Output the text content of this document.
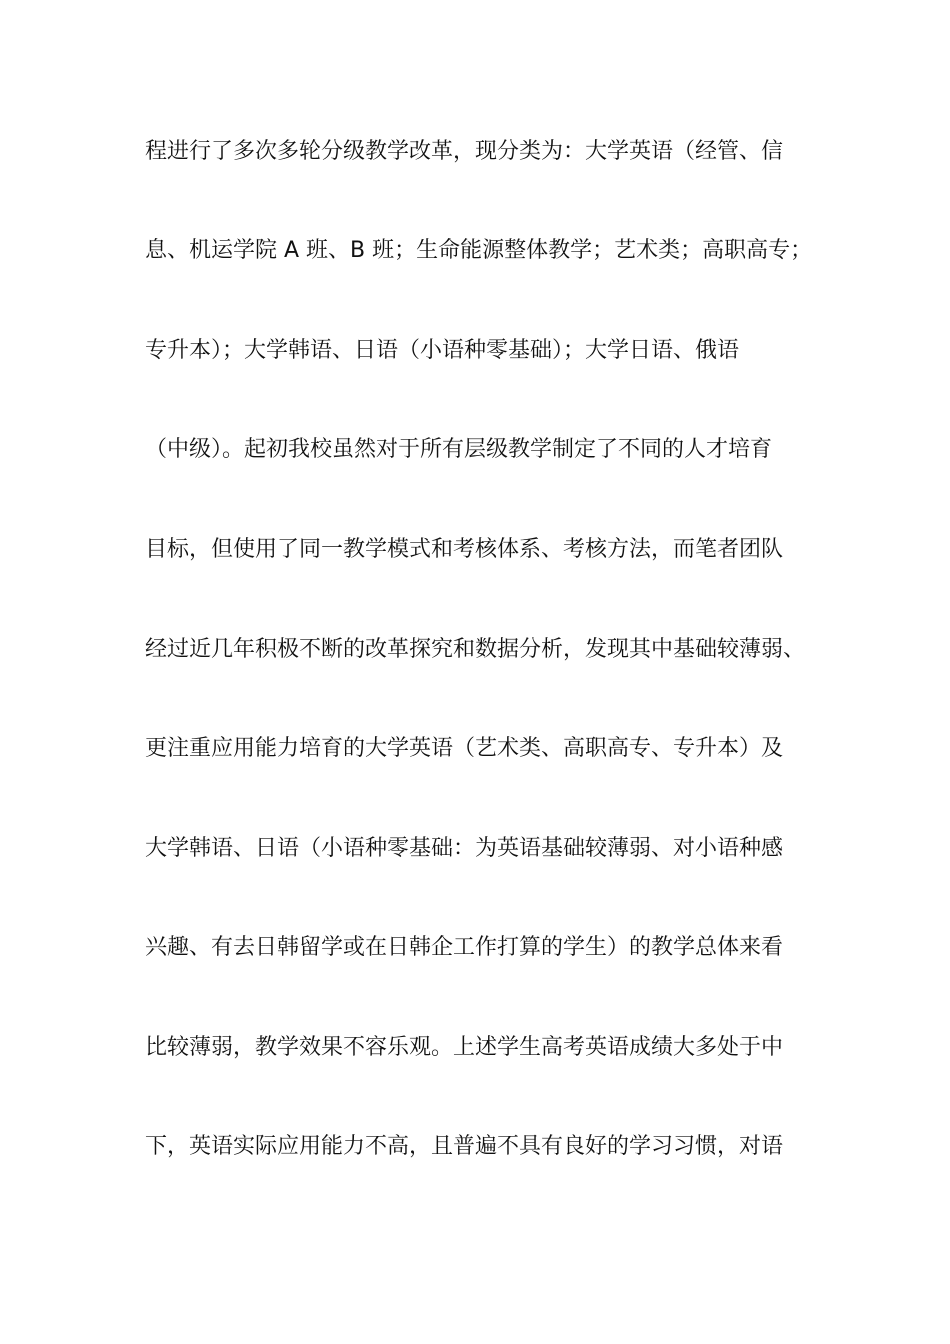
程进行了多次多轮分级教学改革，现分类为：大学英语（经管、信
息、机运学院 A 班、B 班；生命能源整体教学；艺术类；高职高专；
专升本）；大学韩语、日语（小语种零基础）；大学日语、俄语
（中级）。起初我校虽然对于所有层级教学制定了不同的人才培育
目标，但使用了同一教学模式和考核体系、考核方法，而笔者团队
经过近几年积极不断的改革探究和数据分析，发现其中基础较薄弱、
更注重应用能力培育的大学英语（艺术类、高职高专、专升本）及
大学韩语、日语（小语种零基础：为英语基础较薄弱、对小语种感
兴趣、有去日韩留学或在日韩企工作打算的学生）的教学总体来看
比较薄弱，教学效果不容乐观。上述学生高考英语成绩大多处于中
下，英语实际应用能力不高，且普遍不具有良好的学习习惯，对语
